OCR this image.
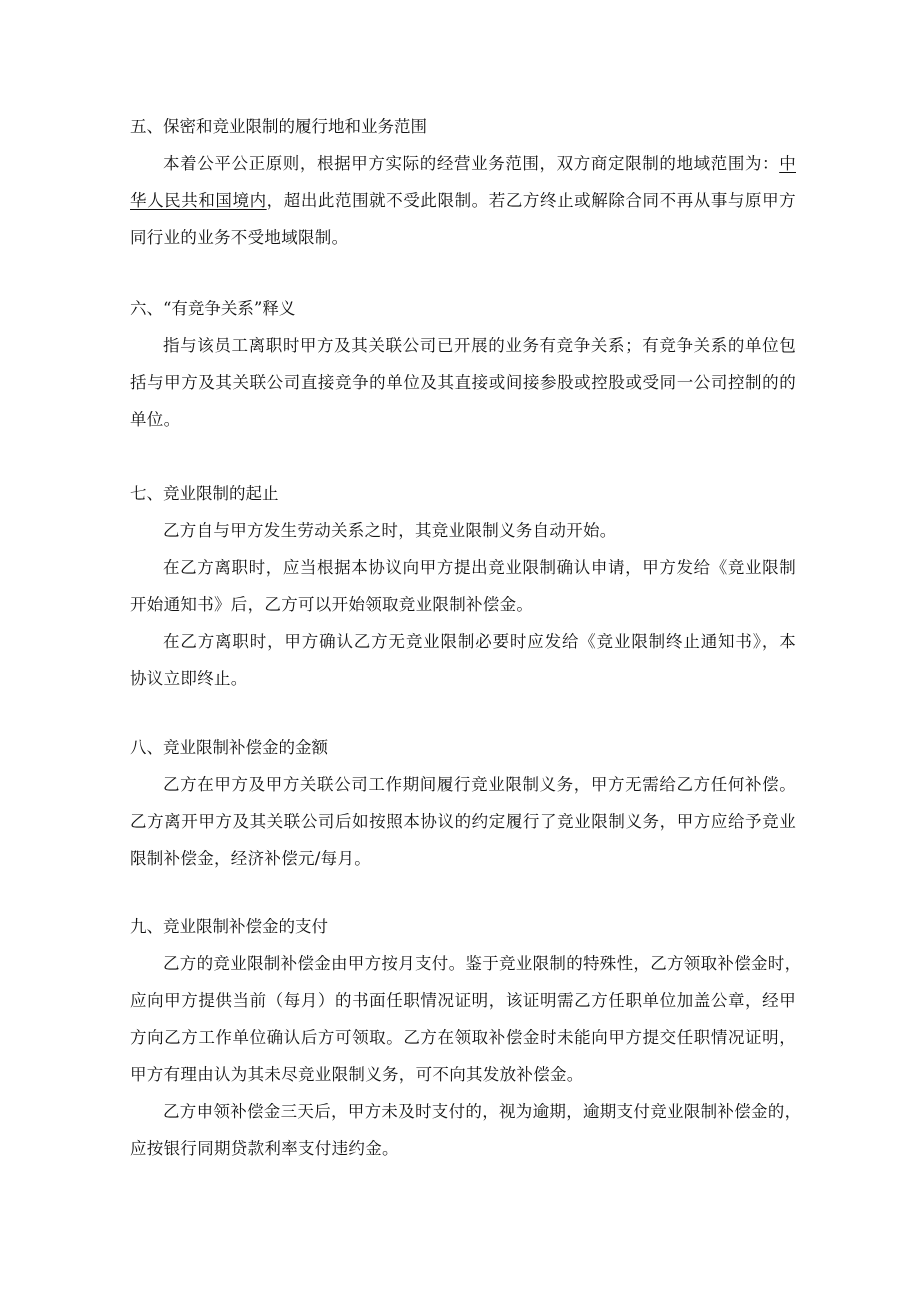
五、保密和竞业限制的履行地和业务范围
本着公平公正原则，根据甲方实际的经营业务范围，双方商定限制的地域范围为：中
华人民共和国境内，超出此范围就不受此限制。若乙方终止或解除合同不再从事与原甲方
同行业的业务不受地域限制。
六、“有竞争关系”释义
指与该员工离职时甲方及其关联公司已开展的业务有竞争关系；有竞争关系的单位包
括与甲方及其关联公司直接竞争的单位及其直接或间接参股或控股或受同一公司控制的的
单位。
七、竞业限制的起止
乙方自与甲方发生劳动关系之时，其竞业限制义务自动开始。
在乙方离职时，应当根据本协议向甲方提出竞业限制确认申请，甲方发给《竞业限制
开始通知书》后，乙方可以开始领取竞业限制补偿金。
在乙方离职时，甲方确认乙方无竞业限制必要时应发给《竞业限制终止通知书》，本
协议立即终止。
八、竞业限制补偿金的金额
乙方在甲方及甲方关联公司工作期间履行竞业限制义务，甲方无需给乙方任何补偿。
乙方离开甲方及其关联公司后如按照本协议的约定履行了竞业限制义务，甲方应给予竞业
限制补偿金，经济补偿元/每月。
九、竞业限制补偿金的支付
乙方的竞业限制补偿金由甲方按月支付。鉴于竞业限制的特殊性，乙方领取补偿金时，
应向甲方提供当前（每月）的书面任职情况证明，该证明需乙方任职单位加盖公章，经甲
方向乙方工作单位确认后方可领取。乙方在领取补偿金时未能向甲方提交任职情况证明，
甲方有理由认为其未尽竞业限制义务，可不向其发放补偿金。
乙方申领补偿金三天后，甲方未及时支付的，视为逾期，逾期支付竞业限制补偿金的，
应按银行同期贷款利率支付违约金。
